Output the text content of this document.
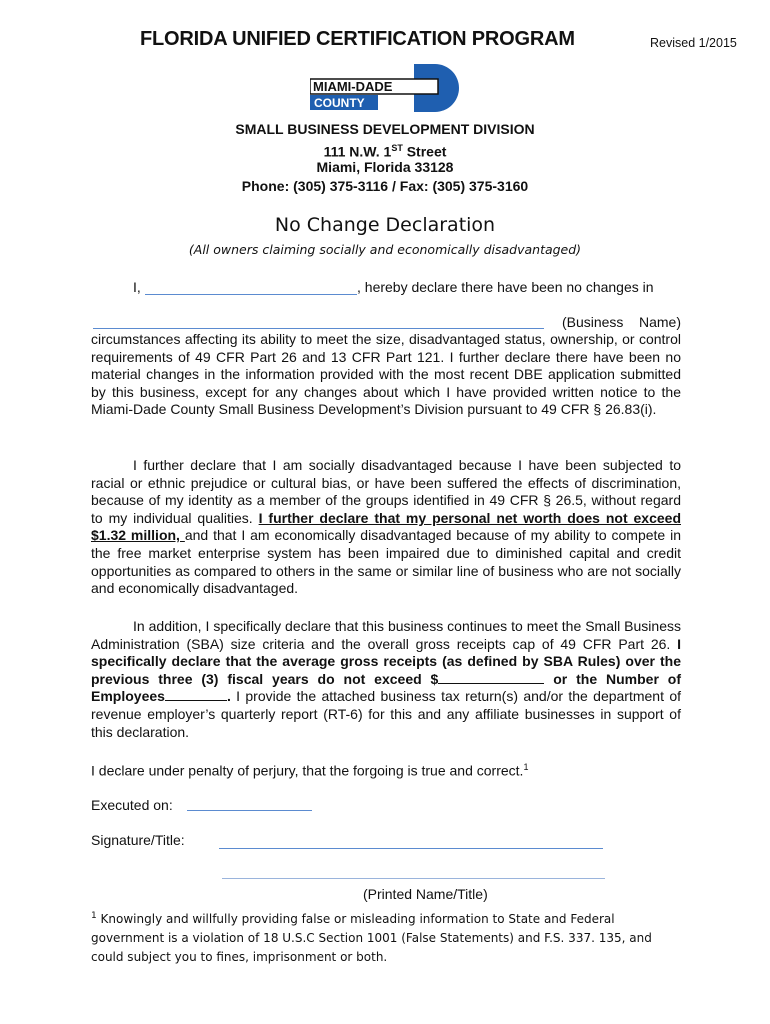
FLORIDA UNIFIED CERTIFICATION PROGRAM	Revised 1/2015
MIAMI-DADE
COUNTY
SMALL BUSINESS DEVELOPMENT DIVISION
111 N.W. 1ST Street
Miami, Florida 33128
Phone: (305) 375-3116 / Fax: (305) 375-3160
No Change Declaration
(All owners claiming socially and economically disadvantaged)
I,	, hereby declare there have been no changes in
(Business    Name)
circumstances affecting its ability to meet the size, disadvantaged status, ownership, or control requirements of 49 CFR Part 26 and 13 CFR Part 121. I further declare there have been no material changes in the information provided with the most recent DBE application submitted by this business, except for any changes about which I have provided written notice to the Miami-Dade County Small Business Development’s Division pursuant to 49 CFR § 26.83(i).
I further declare that I am socially disadvantaged because I have been subjected to racial or ethnic prejudice or cultural bias, or have been suffered the effects of discrimination, because of my identity as a member of the groups identified in 49 CFR § 26.5, without regard to my individual qualities. I further declare that my personal net worth does not exceed $1.32 million, and that I am economically disadvantaged because of my ability to compete in the free market enterprise system has been impaired due to diminished capital and credit opportunities as compared to others in the same or similar line of business who are not socially and economically disadvantaged.
In addition, I specifically declare that this business continues to meet the Small Business Administration (SBA) size criteria and the overall gross receipts cap of 49 CFR Part 26. I specifically declare that the average gross receipts (as defined by SBA Rules) over the previous three (3) fiscal years do not exceed $	or the Number of Employees	. I provide the attached business tax return(s) and/or the department of revenue employer’s quarterly report (RT-6) for this and any affiliate businesses in support of this declaration.
I declare under penalty of perjury, that the forgoing is true and correct.$^1$
Executed on:
Signature/Title:
(Printed Name/Title)
$^1$ Knowingly and willfully providing false or misleading information to State and Federal government is a violation of 18 U.S.C Section 1001 (False Statements) and F.S. 337. 135, and could subject you to fines, imprisonment or both.
